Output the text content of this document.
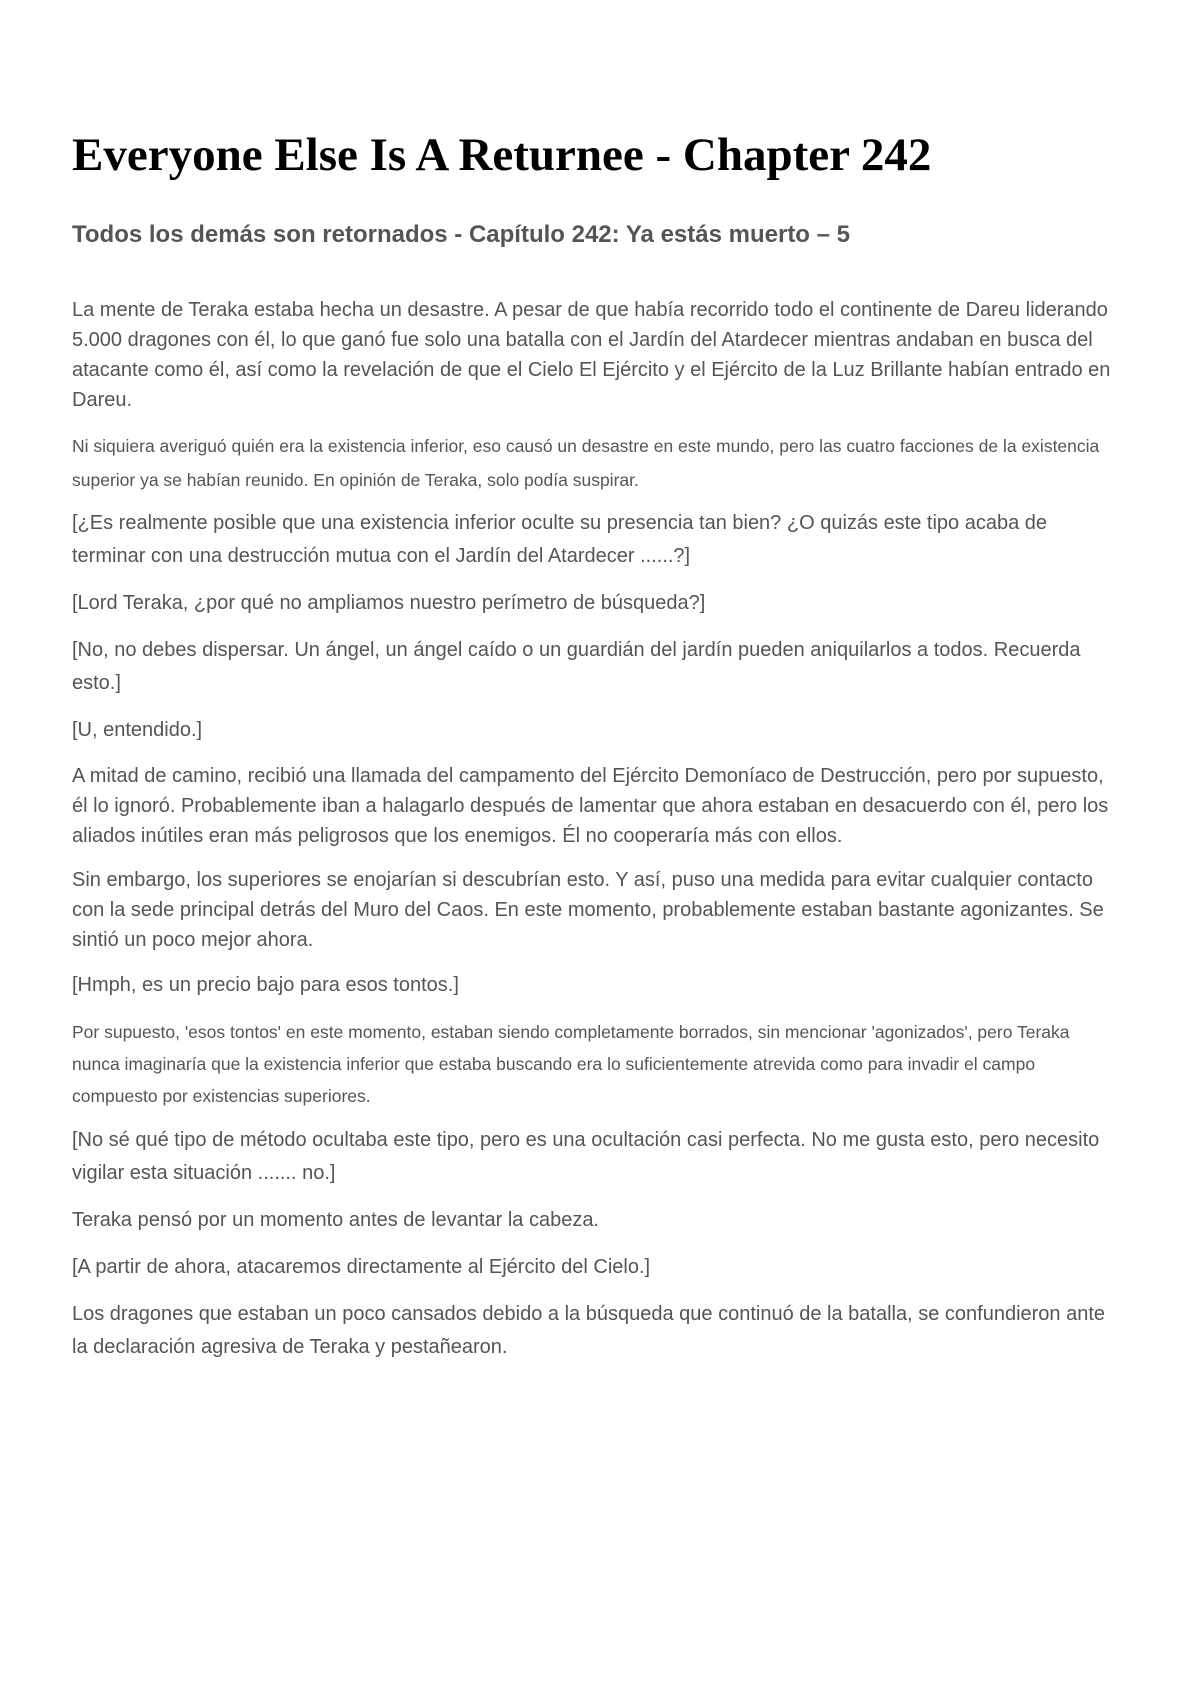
Everyone Else Is A Returnee - Chapter 242
Todos los demás son retornados - Capítulo 242: Ya estás muerto – 5

La mente de Teraka estaba hecha un desastre. A pesar de que había recorrido todo el continente de Dareu liderando 5.000 dragones con él, lo que ganó fue solo una batalla con el Jardín del Atardecer mientras andaban en busca del atacante como él, así como la revelación de que el Cielo El Ejército y el Ejército de la Luz Brillante habían entrado en Dareu.

Ni siquiera averiguó quién era la existencia inferior, eso causó un desastre en este mundo, pero las cuatro facciones de la existencia superior ya se habían reunido. En opinión de Teraka, solo podía suspirar.

[¿Es realmente posible que una existencia inferior oculte su presencia tan bien? ¿O quizás este tipo acaba de terminar con una destrucción mutua con el Jardín del Atardecer ......?]

[Lord Teraka, ¿por qué no ampliamos nuestro perímetro de búsqueda?]

[No, no debes dispersar. Un ángel, un ángel caído o un guardián del jardín pueden aniquilarlos a todos. Recuerda esto.]

[U, entendido.]

A mitad de camino, recibió una llamada del campamento del Ejército Demoníaco de Destrucción, pero por supuesto, él lo ignoró. Probablemente iban a halagarlo después de lamentar que ahora estaban en desacuerdo con él, pero los aliados inútiles eran más peligrosos que los enemigos. Él no cooperaría más con ellos.

Sin embargo, los superiores se enojarían si descubrían esto. Y así, puso una medida para evitar cualquier contacto con la sede principal detrás del Muro del Caos. En este momento, probablemente estaban bastante agonizantes. Se sintió un poco mejor ahora.

[Hmph, es un precio bajo para esos tontos.]

Por supuesto, 'esos tontos' en este momento, estaban siendo completamente borrados, sin mencionar 'agonizados', pero Teraka nunca imaginaría que la existencia inferior que estaba buscando era lo suficientemente atrevida como para invadir el campo compuesto por existencias superiores.

[No sé qué tipo de método ocultaba este tipo, pero es una ocultación casi perfecta. No me gusta esto, pero necesito vigilar esta situación ....... no.]

Teraka pensó por un momento antes de levantar la cabeza.

[A partir de ahora, atacaremos directamente al Ejército del Cielo.]

Los dragones que estaban un poco cansados debido a la búsqueda que continuó de la batalla, se confundieron ante la declaración agresiva de Teraka y pestañearon.
